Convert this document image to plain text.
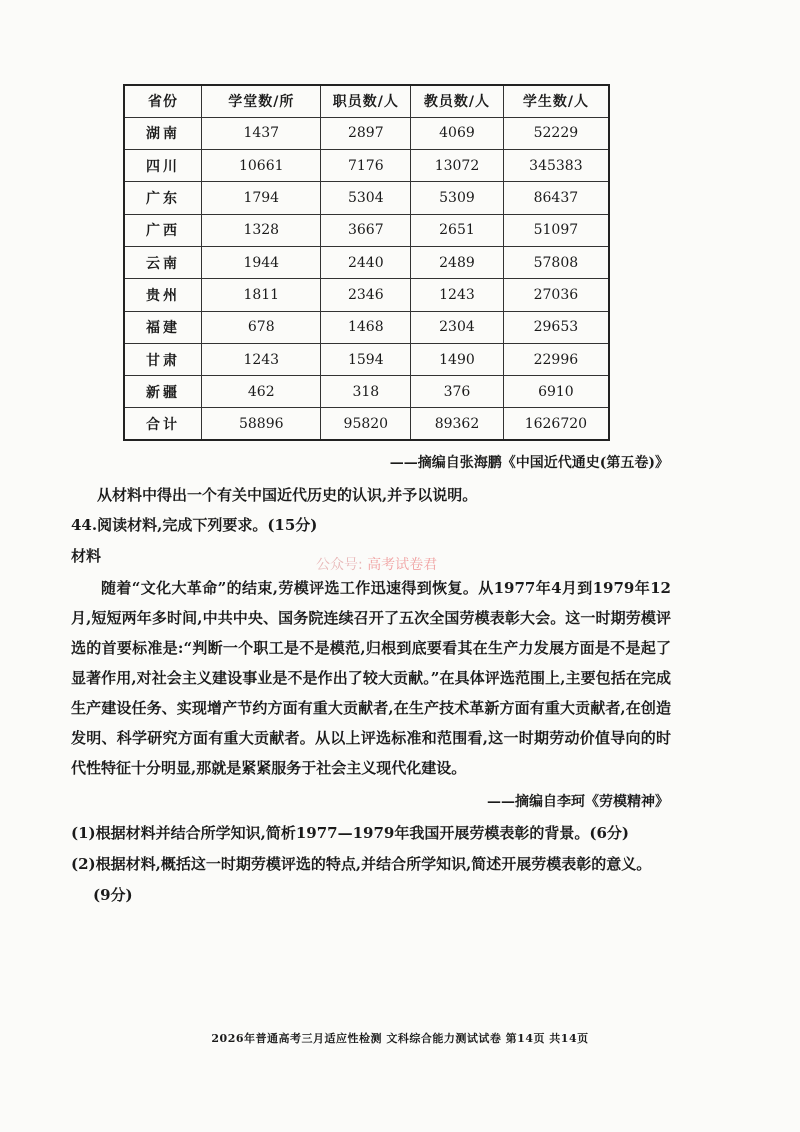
省份	学堂数/所	职员数/人	教员数/人	学生数/人
湖南	1437	2897	4069	52229
四川	10661	7176	13072	345383
广东	1794	5304	5309	86437
广西	1328	3667	2651	51097
云南	1944	2440	2489	57808
贵州	1811	2346	1243	27036
福建	678	1468	2304	29653
甘肃	1243	1594	1490	22996
新疆	462	318	376	6910
合计	58896	95820	89362	1626720
——摘编自张海鹏《中国近代通史(第五卷)》
从材料中得出一个有关中国近代历史的认识,并予以说明。
44.阅读材料,完成下列要求。(15分)
材料	公众号: 高考试卷君

随着“文化大革命”的结束,劳模评选工作迅速得到恢复。从1977年4月到1979年12月,短短两年多时间,中共中央、国务院连续召开了五次全国劳模表彰大会。这一时期劳模评选的首要标准是:“判断一个职工是不是模范,归根到底要看其在生产力发展方面是不是起了显著作用,对社会主义建设事业是不是作出了较大贡献。”在具体评选范围上,主要包括在完成生产建设任务、实现增产节约方面有重大贡献者,在生产技术革新方面有重大贡献者,在创造发明、科学研究方面有重大贡献者。从以上评选标准和范围看,这一时期劳动价值导向的时代性特征十分明显,那就是紧紧服务于社会主义现代化建设。

——摘编自李珂《劳模精神》
(1)根据材料并结合所学知识,简析1977—1979年我国开展劳模表彰的背景。(6分)
(2)根据材料,概括这一时期劳模评选的特点,并结合所学知识,简述开展劳模表彰的意义。
(9分)
2026年普通高考三月适应性检测 文科综合能力测试试卷 第14页 共14页
